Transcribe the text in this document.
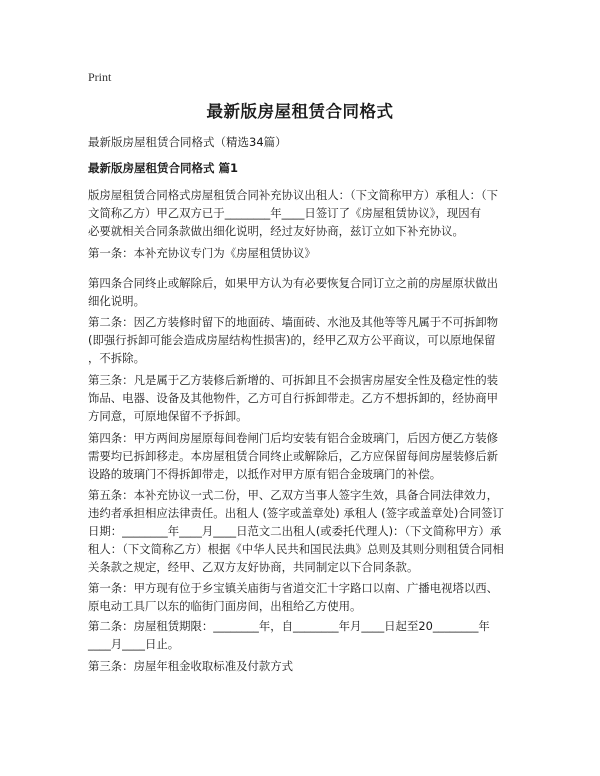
Print
最新版房屋租赁合同格式
最新版房屋租赁合同格式（精选34篇）
最新版房屋租赁合同格式 篇1
版房屋租赁合同格式房屋租赁合同补充协议出租人：（下文简称甲方）承租人：（下
文简称乙方）甲乙双方已于________年____日签订了《房屋租赁协议》，现因有
必要就相关合同条款做出细化说明，经过友好协商，兹订立如下补充协议。
第一条：本补充协议专门为《房屋租赁协议》
第四条合同终止或解除后，如果甲方认为有必要恢复合同订立之前的房屋原状做出
细化说明。
第二条：因乙方装修时留下的地面砖、墙面砖、水池及其他等等凡属于不可拆卸物
(即强行拆卸可能会造成房屋结构性损害)的，经甲乙双方公平商议，可以原地保留
，不拆除。
第三条：凡是属于乙方装修后新增的、可拆卸且不会损害房屋安全性及稳定性的装
饰品、电器、设备及其他物件，乙方可自行拆卸带走。乙方不想拆卸的，经协商甲
方同意，可原地保留不予拆卸。
第四条：甲方两间房屋原每间卷闸门后均安装有铝合金玻璃门，后因方便乙方装修
需要均已拆卸移走。本房屋租赁合同终止或解除后，乙方应保留每间房屋装修后新
设路的玻璃门不得拆卸带走，以抵作对甲方原有铝合金玻璃门的补偿。
第五条：本补充协议一式二份，甲、乙双方当事人签字生效，具备合同法律效力，
违约者承担相应法律责任。出租人 (签字或盖章处) 承租人 (签字或盖章处)合同签订
日期：________年____月____日范文二出租人(或委托代理人)：（下文简称甲方）承
租人：（下文简称乙方）根据《中华人民共和国民法典》总则及其则分则租赁合同相
关条款之规定，经甲、乙双方友好协商，共同制定以下合同条款。
第一条：甲方现有位于乡宝镇关庙街与省道交汇十字路口以南、广播电视塔以西、
原电动工具厂以东的临街门面房间，出租给乙方使用。
第二条：房屋租赁期限：________年，自________年月____日起至20________年
____月____日止。
第三条：房屋年租金收取标准及付款方式
